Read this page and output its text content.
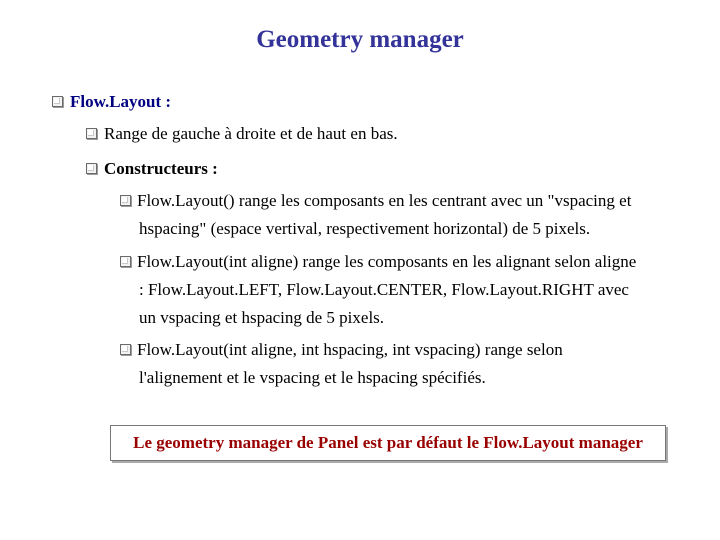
Geometry manager
Flow.Layout :
Range de gauche à droite et de haut en bas.
Constructeurs :
Flow.Layout() range les composants en les centrant avec un "vspacing et
hspacing" (espace vertival, respectivement horizontal) de 5 pixels.
Flow.Layout(int aligne) range les composants en les alignant selon aligne
: Flow.Layout.LEFT, Flow.Layout.CENTER, Flow.Layout.RIGHT avec
un vspacing et hspacing de 5 pixels.
Flow.Layout(int aligne, int hspacing, int vspacing) range selon
l'alignement et le vspacing et le hspacing spécifiés.
Le geometry manager de Panel est par défaut le Flow.Layout manager
